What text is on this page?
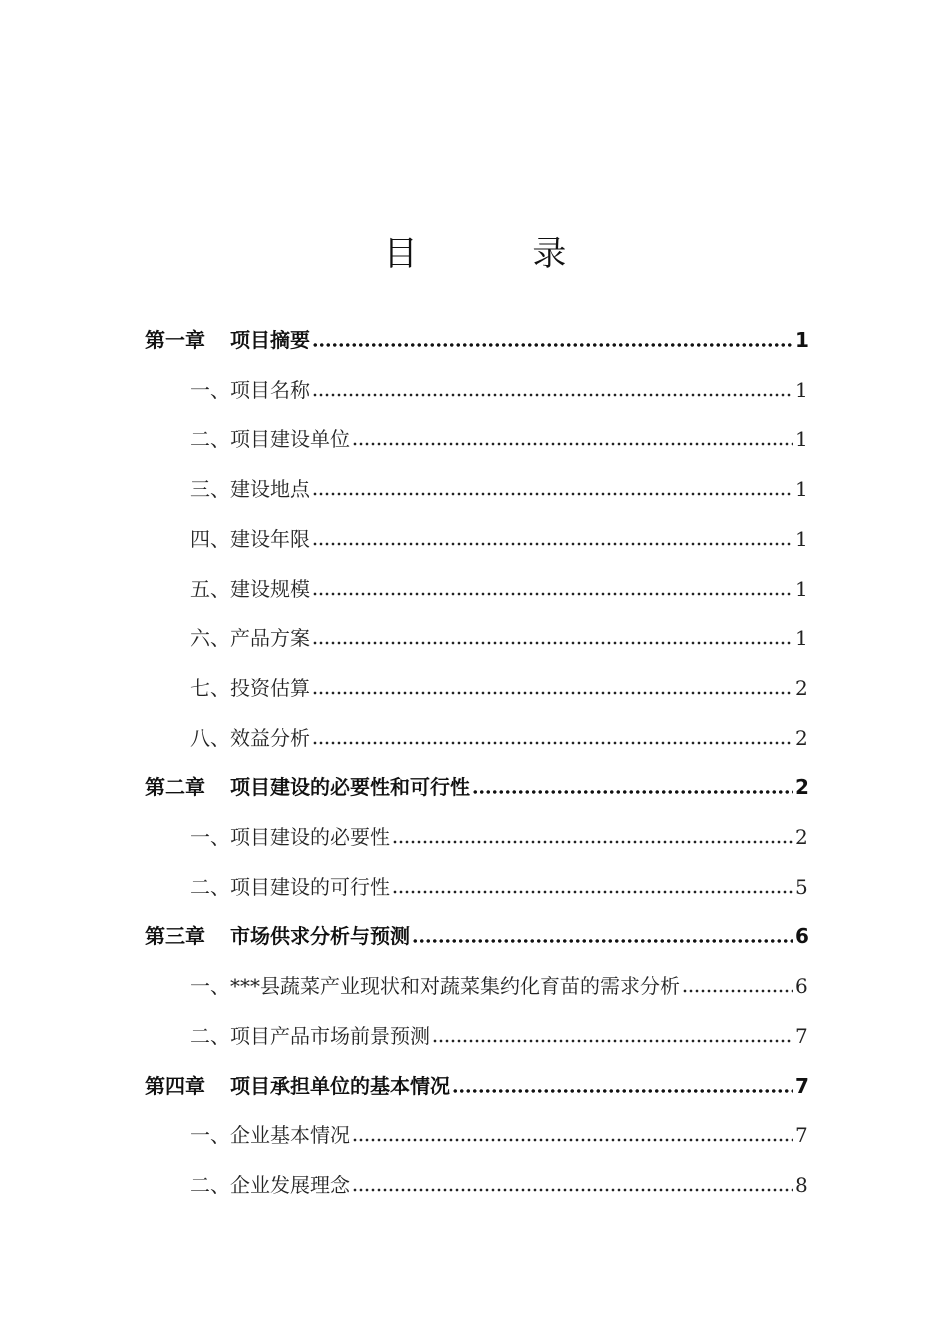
目 录
第一章 项目摘要	1
一、 项目名称	1
二、 项目建设单位	1
三、 建设地点	1
四、 建设年限	1
五、 建设规模	1
六、 产品方案	1
七、 投资估算	2
八、 效益分析	2
第二章 项目建设的必要性和可行性	2
一、 项目建设的必要性	2
二、 项目建设的可行性	5
第三章 市场供求分析与预测	6
一、 ***县蔬菜产业现状和对蔬菜集约化育苗的需求分析	6
二、 项目产品市场前景预测	7
第四章 项目承担单位的基本情况	7
一、 企业基本情况	7
二、 企业发展理念	8
